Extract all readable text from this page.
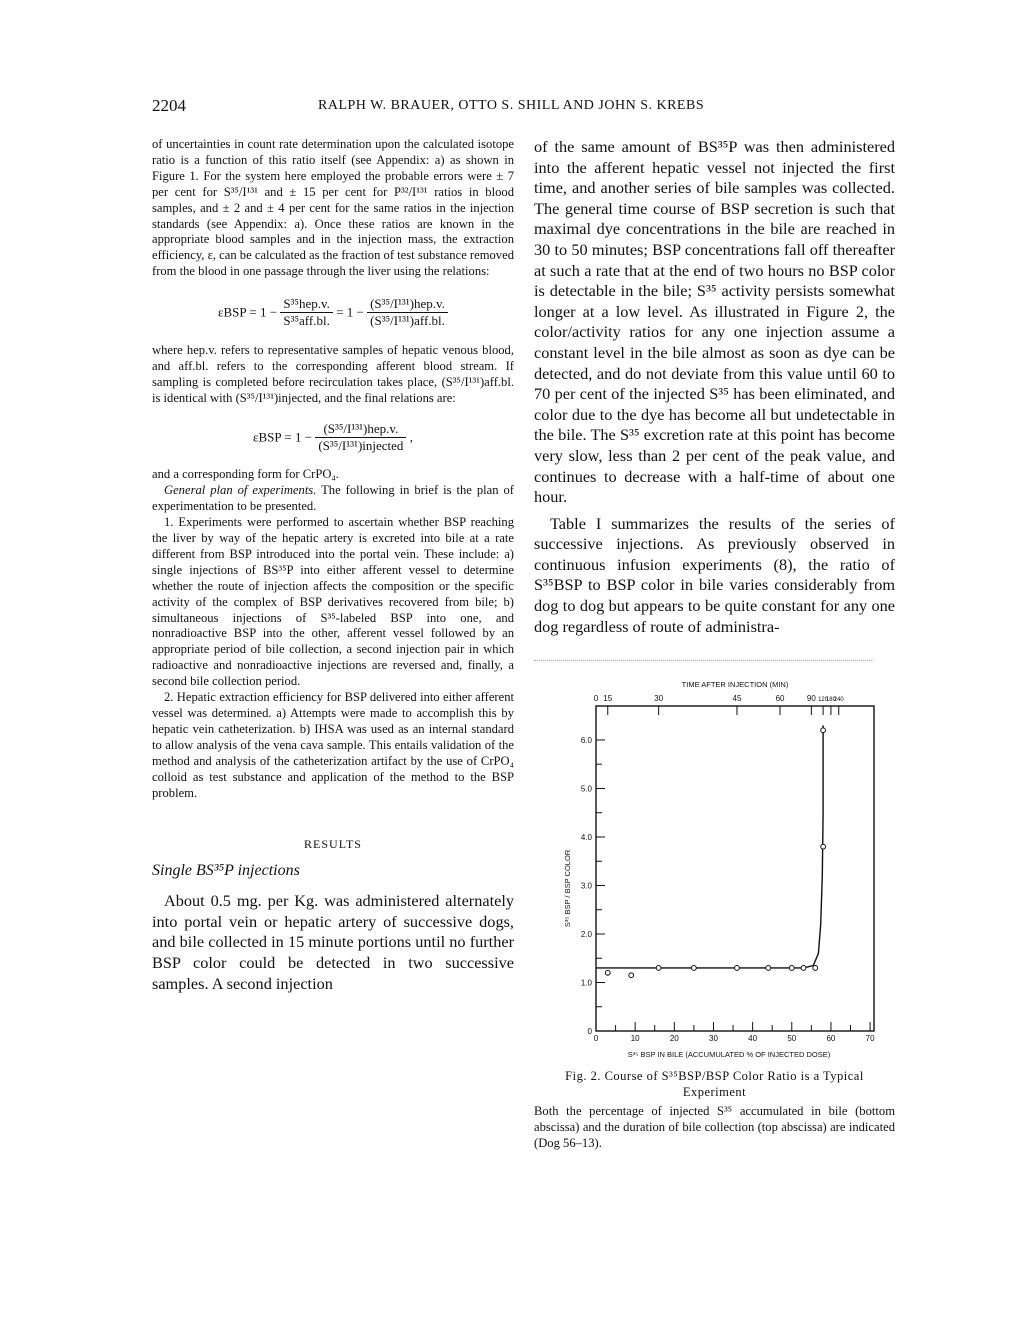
2204	RALPH W. BRAUER, OTTO S. SHILL AND JOHN S. KREBS

of uncertainties in count rate determination upon the calculated isotope ratio is a function of this ratio itself (see Appendix: a) as shown in Figure 1. For the system here employed the probable errors were ± 7 per cent for S³⁵/I¹³¹ and ± 15 per cent for P³²/I¹³¹ ratios in blood samples, and ± 2 and ± 4 per cent for the same ratios in the injection standards (see Appendix: a). Once these ratios are known in the appropriate blood samples and in the injection mass, the extraction efficiency, ε, can be calculated as the fraction of test substance removed from the blood in one passage through the liver using the relations:

$\varepsilon BSP = 1 - \frac{\text{S³⁵hep.v.}}{\text{S³⁵aff.bl.}} = 1 - \frac{\text{(S³⁵/I¹³¹)hep.v.}}{\text{(S³⁵/I¹³¹)aff.bl.}}$

where hep.v. refers to representative samples of hepatic venous blood, and aff.bl. refers to the corresponding afferent blood stream. If sampling is completed before recirculation takes place, (S³⁵/I¹³¹)aff.bl. is identical with (S³⁵/I¹³¹)injected, and the final relations are:

$\varepsilon BSP = 1 - \frac{\text{(S³⁵/I¹³¹)hep.v.}}{\text{(S³⁵/I¹³¹)injected}}$ ,

and a corresponding form for CrPO₄.

General plan of experiments. The following in brief is the plan of experimentation to be presented.

1. Experiments were performed to ascertain whether BSP reaching the liver by way of the hepatic artery is excreted into bile at a rate different from BSP introduced into the portal vein. These include: a) single injections of BS³⁵P into either afferent vessel to determine whether the route of injection affects the composition or the specific activity of the complex of BSP derivatives recovered from bile; b) simultaneous injections of S³⁵-labeled BSP into one, and nonradioactive BSP into the other, afferent vessel followed by an appropriate period of bile collection, a second injection pair in which radioactive and nonradioactive injections are reversed and, finally, a second bile collection period.

2. Hepatic extraction efficiency for BSP delivered into either afferent vessel was determined. a) Attempts were made to accomplish this by hepatic vein catheterization. b) IHSA was used as an internal standard to allow analysis of the vena cava sample. This entails validation of the method and analysis of the catheterization artifact by the use of CrPO₄ colloid as test substance and application of the method to the BSP problem.

RESULTS
Single BS³⁵P injections

About 0.5 mg. per Kg. was administered alternately into portal vein or hepatic artery of successive dogs, and bile collected in 15 minute portions until no further BSP color could be detected in two successive samples. A second injection

of the same amount of BS³⁵P was then administered into the afferent hepatic vessel not injected the first time, and another series of bile samples was collected. The general time course of BSP secretion is such that maximal dye concentrations in the bile are reached in 30 to 50 minutes; BSP concentrations fall off thereafter at such a rate that at the end of two hours no BSP color is detectable in the bile; S³⁵ activity persists somewhat longer at a low level. As illustrated in Figure 2, the color/activity ratios for any one injection assume a constant level in the bile almost as soon as dye can be detected, and do not deviate from this value until 60 to 70 per cent of the injected S³⁵ has been eliminated, and color due to the dye has become all but undetectable in the bile. The S³⁵ excretion rate at this point has become very slow, less than 2 per cent of the peak value, and continues to decrease with a half-time of about one hour.

Table I summarizes the results of the series of successive injections. As previously observed in continuous infusion experiments (8), the ratio of S³⁵BSP to BSP color in bile varies considerably from dog to dog but appears to be quite constant for any one dog regardless of route of administra-

TIME AFTER INJECTION (MIN)
0 15	30	45	60	90 120
180
240
0	10	20	30	40	50	60	70
0
1.0
2.0
3.0
4.0
5.0
6.0
S³⁵ BSP / BSP COLOR
S³⁵ BSP IN BILE (ACCUMULATED % OF INJECTED DOSE)
Fig. 2. Course of S³⁵BSP/BSP Color Ratio is a Typical Experiment
Both the percentage of injected S³⁵ accumulated in bile (bottom abscissa) and the duration of bile collection (top abscissa) are indicated (Dog 56–13).
